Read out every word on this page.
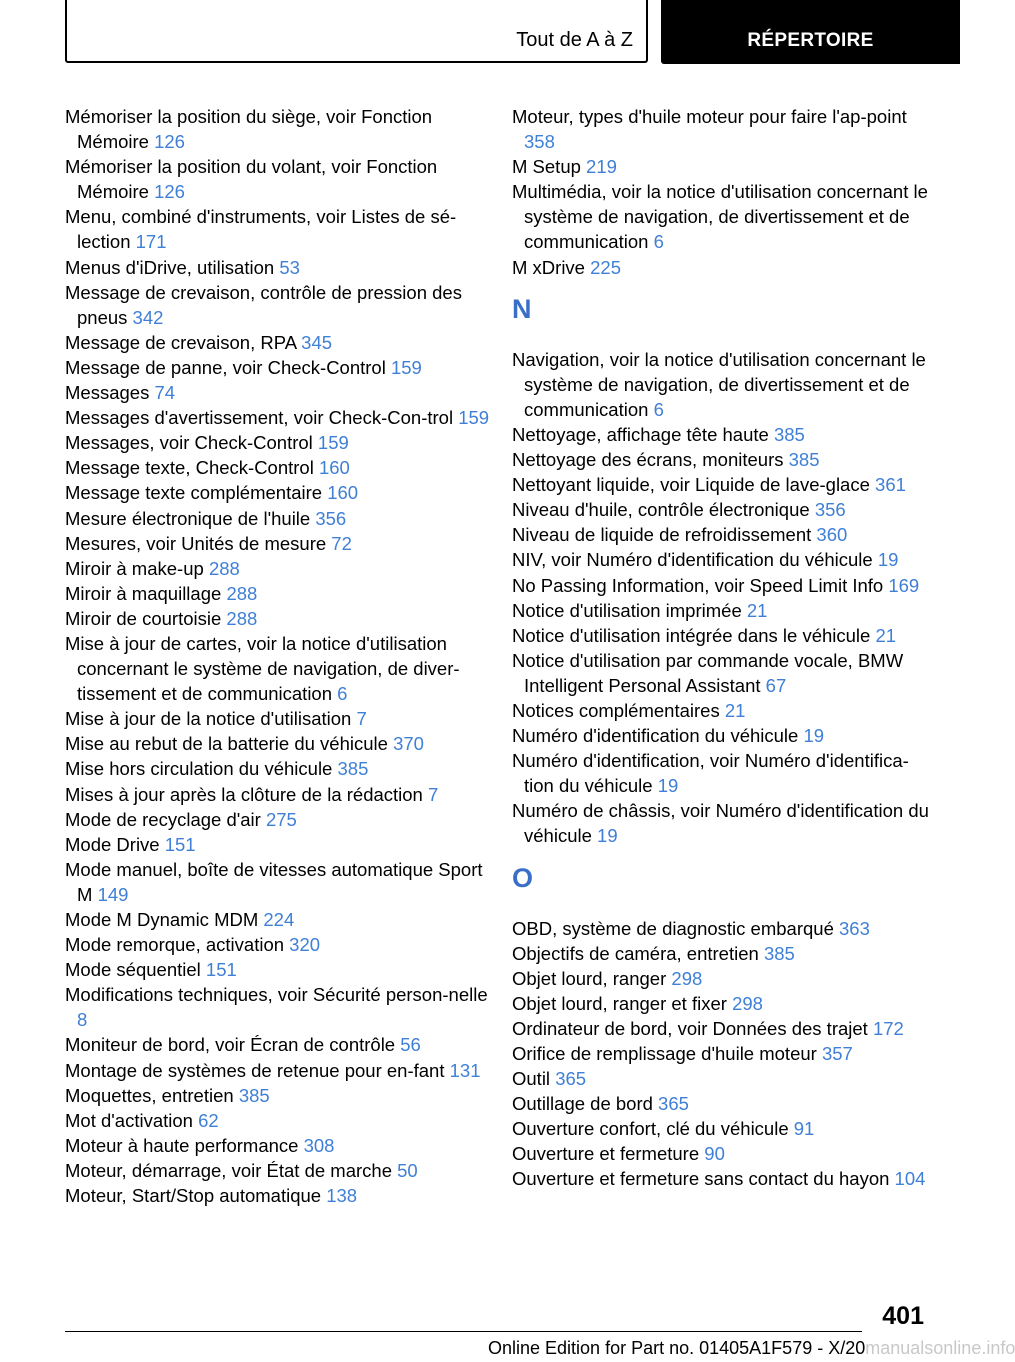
Tout de A à Z	RÉPERTOIRE

Mémoriser la position du siège, voir Fonction Mémoire 126

Mémoriser la position du volant, voir Fonction Mémoire 126

Menu, combiné d'instruments, voir Listes de sé‐lection 171

Menus d'iDrive, utilisation 53

Message de crevaison, contrôle de pression des pneus 342

Message de crevaison, RPA 345

Message de panne, voir Check-Control 159

Messages 74

Messages d'avertissement, voir Check-Con‐trol 159

Messages, voir Check-Control 159

Message texte, Check-Control 160

Message texte complémentaire 160

Mesure électronique de l'huile 356

Mesures, voir Unités de mesure 72

Miroir à make-up 288

Miroir à maquillage 288

Miroir de courtoisie 288

Mise à jour de cartes, voir la notice d'utilisation concernant le système de navigation, de diver‐tissement et de communication 6

Mise à jour de la notice d'utilisation 7

Mise au rebut de la batterie du véhicule 370

Mise hors circulation du véhicule 385

Mises à jour après la clôture de la rédaction 7

Mode de recyclage d'air 275

Mode Drive 151

Mode manuel, boîte de vitesses automatique Sport M 149

Mode M Dynamic MDM 224

Mode remorque, activation 320

Mode séquentiel 151

Modifications techniques, voir Sécurité person‐nelle 8

Moniteur de bord, voir Écran de contrôle 56

Montage de systèmes de retenue pour en‐fant 131

Moquettes, entretien 385

Mot d'activation 62

Moteur à haute performance 308

Moteur, démarrage, voir État de marche 50

Moteur, Start/Stop automatique 138

Moteur, types d'huile moteur pour faire l'ap‐point 358

M Setup 219

Multimédia, voir la notice d'utilisation concernant le système de navigation, de divertissement et de communication 6

M xDrive 225

N

Navigation, voir la notice d'utilisation concernant le système de navigation, de divertissement et de communication 6

Nettoyage, affichage tête haute 385

Nettoyage des écrans, moniteurs 385

Nettoyant liquide, voir Liquide de lave-glace 361

Niveau d'huile, contrôle électronique 356

Niveau de liquide de refroidissement 360

NIV, voir Numéro d'identification du véhicule 19

No Passing Information, voir Speed Limit Info 169

Notice d'utilisation imprimée 21

Notice d'utilisation intégrée dans le véhicule 21

Notice d'utilisation par commande vocale, BMW Intelligent Personal Assistant 67

Notices complémentaires 21

Numéro d'identification du véhicule 19

Numéro d'identification, voir Numéro d'identifica‐tion du véhicule 19

Numéro de châssis, voir Numéro d'identification du véhicule 19

O

OBD, système de diagnostic embarqué 363

Objectifs de caméra, entretien 385

Objet lourd, ranger 298

Objet lourd, ranger et fixer 298

Ordinateur de bord, voir Données des trajet 172

Orifice de remplissage d'huile moteur 357

Outil 365

Outillage de bord 365

Ouverture confort, clé du véhicule 91

Ouverture et fermeture 90

Ouverture et fermeture sans contact du hayon 104

401
Online Edition for Part no. 01405A1F579 - X/20manualsonline.info
